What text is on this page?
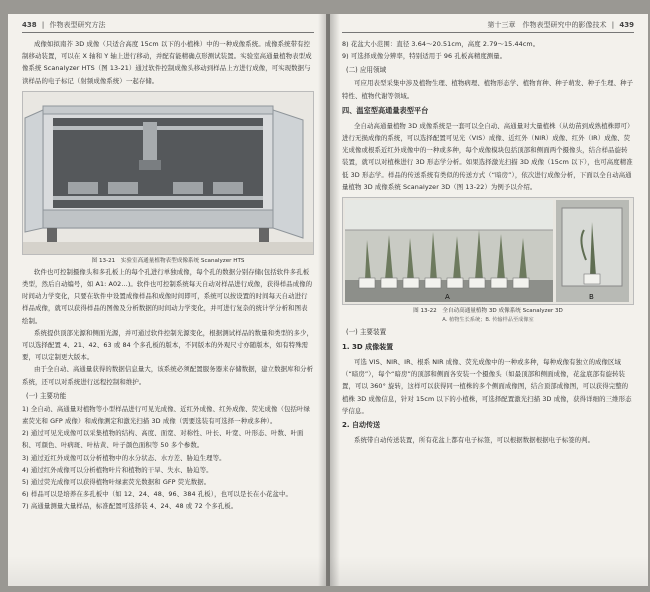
438 | 作物表型研究方法

成像如拟南芥 3D 成像（只适合高度 15cm 以下的小植株）中的一种成像系统。成像系统带有控制移动装置，可以在 X 轴和 Y 轴上进行移动，并配有能精确点形测试装置。实验室高通量植物表型成像系统 Scanalyzer HTS（图 13-21）通过软件控制成像头移动到样品上方进行成像，可实现数据与读样品的电子标记（射频成像系统）一起存储。

图 13-21　实验室高通量植物表型成像系统 Scanalyzer HTS

软件也可控制摄像头和多孔板上的每个孔进行单独成像，每个孔的数据分别存储(包括软件多孔板类型，然后自动编号，如 A1: A02…)。软件也可控制系统每天自动对样品进行成像，获得样品成像的时间动力学变化，只要在软件中设置成像样品和成像时间即可，系统可以按设置的时间每天自动进行样品成像，就可以获得样品的图像及分析数据的时间动力学变化，并可进行复杂的统计学分析和图表绘制。

系统提供顶部光源和侧面光源，并可通过软件控制光源变化，根据测试样品的数量和类型的多少，可以选择配置 4、21、42、63 或 84 个多孔板的版本，不同版本的外观尺寸亦随版本，如有特殊需要，可以定制更大版本。

由于全自动、高通量获得的数据信息量大，该系统必须配置服务器来存储数据，建立数据库和分析系统，还可以对系统进行远程控制和维护。

(一) 主要功能
1) 全自动、高通量对植物等小型样品进行可见光成像、近红外成像、红外成像、荧光成像（包括叶绿素荧光和 GFP 成像）和成像测定和激光扫描 3D 成像（需要选装有可选择一种或多种）。
2) 通过可见光成像可以采集植物的结构、高度、面宽、对称性、叶长、叶宽、叶形态、叶数、叶面积、可颜色、叶病斑、叶枯黄、叶子颜色面积等 50 多个参数。
3) 通过近红外成像可以分析植物中的水分状态、水方差、胁迫生理等。
4) 通过红外成像可以分析植物叶片和植物的干旱、失水、胁迫等。
5) 通过荧光成像可以获得植物叶绿素荧光数据和 GFP 荧光数据。
6) 样品可以是培养在多孔板中（如 12、24、48、96、384 孔板），也可以是长在小花盆中。
7) 高通量测量大量样品，标准配置可选择装 4、24、48 或 72 个多孔板。
第十三章　作物表型研究中的影像技术 | 439
8) 花盆大小范围：直径 3.64～20.51cm，高度 2.79～15.44cm。
9) 可选择成像分辨率，特别适用于 96 孔板高精度测量。
(二) 应用领域

可应用表型采集中涉及植物生理、植物病理、植物形态学、植物育种、种子萌发、种子生理、种子特性、植物代谢等领域。

四、温室型高通量表型平台

全自动高通量植物 3D 成像系统是一套可以全自动、高通量对大量植株（从幼苗到成熟植株即可）进行无损成像的系统，可以选择配置可见光（VIS）成像、近红外（NIR）成像、红外（IR）成像、荧光成像或根系近红外成像中的一种或多种，每个成像模块包括顶部和侧面两个摄像头，结合样品旋转装置，就可以对植株进行 3D 形态学分析。如果选择激光扫描 3D 成像（15cm 以下），也可高度精准低 3D 形态学。样品的传送系统有类似的传送方式（“暗房”），依次进行成像分析，下面以全自动高通量植物 3D 成像系统 Scanalyzer 3D（图 13-22）为例予以介绍。

A	B
图 13-22　全自动高通量植物 3D 成像系统 Scanalyzer 3D
A. 植物生长系统；B. 传输样品至成像室
(一) 主要装置
1. 3D 成像装置

可选 VIS、NIR、IR、根系 NIR 成像、荧光成像中的一种或多种，每种成像有独立的成像区域（“暗房”），每个“暗房”的顶部和侧面各安装一个摄像头（如最顶部和侧面成像，花盆底部有旋转装置，可以 360° 旋转，这样可以获得同一植株的多个侧面成像图，结合顶部成像图，可以获得完整的植株 3D 成像信息，针对 15cm 以下的小植株，可选择配置激光扫描 3D 成像，获得详细的三维形态学信息。

2. 自动传送

系统带自动传送装置，所有花盆上都有电子标签，可以根据数据根据电子标签的判。
